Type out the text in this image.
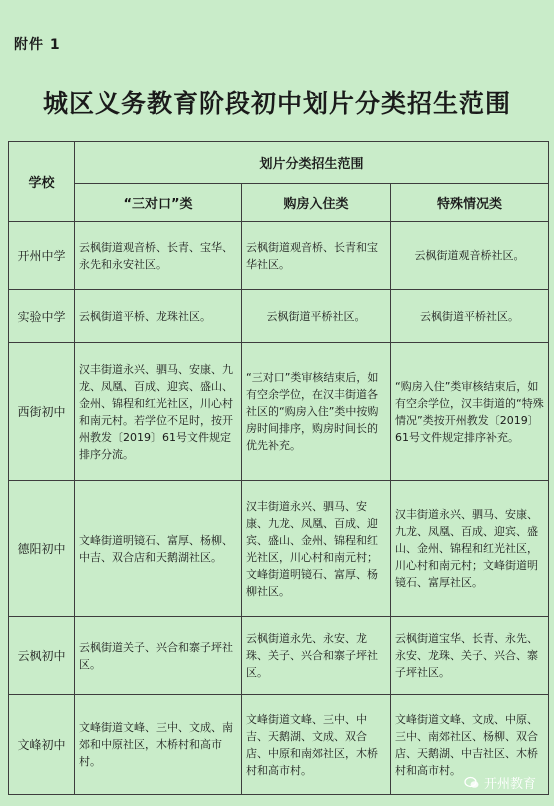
附件 1
城区义务教育阶段初中划片分类招生范围
学校	划片分类招生范围		
	“三对口”类	购房入住类	特殊情况类
开州中学	云枫街道观音桥、长青、宝华、永先和永安社区。	云枫街道观音桥、长青和宝华社区。	云枫街道观音桥社区。
实验中学	云枫街道平桥、龙珠社区。	云枫街道平桥社区。	云枫街道平桥社区。
西街初中	汉丰街道永兴、驷马、安康、九龙、凤凰、百成、迎宾、盛山、金州、锦程和红光社区，川心村和南元村。若学位不足时，按开州教发〔2019〕61号文件规定排序分流。	“三对口”类审核结束后，如有空余学位，在汉丰街道各社区的“购房入住”类中按购房时间排序，购房时间长的优先补充。	“购房入住”类审核结束后，如有空余学位，汉丰街道的“特殊情况”类按开州教发〔2019〕61号文件规定排序补充。
德阳初中	文峰街道明镜石、富厚、杨柳、中吉、双合店和天鹅湖社区。	汉丰街道永兴、驷马、安康、九龙、凤凰、百成、迎宾、盛山、金州、锦程和红光社区，川心村和南元村；文峰街道明镜石、富厚、杨柳社区。	汉丰街道永兴、驷马、安康、九龙、凤凰、百成、迎宾、盛山、金州、锦程和红光社区，川心村和南元村；文峰街道明镜石、富厚社区。
云枫初中	云枫街道关子、兴合和寨子坪社区。	云枫街道永先、永安、龙珠、关子、兴合和寨子坪社区。	云枫街道宝华、长青、永先、永安、龙珠、关子、兴合、寨子坪社区。
文峰初中	文峰街道文峰、三中、文成、南郊和中原社区，木桥村和高市村。	文峰街道文峰、三中、中吉、天鹅湖、文成、双合店、中原和南郊社区，木桥村和高市村。	文峰街道文峰、文成、中原、三中、南郊社区、杨柳、双合店、天鹅湖、中吉社区、木桥村和高市村。
开州教育
